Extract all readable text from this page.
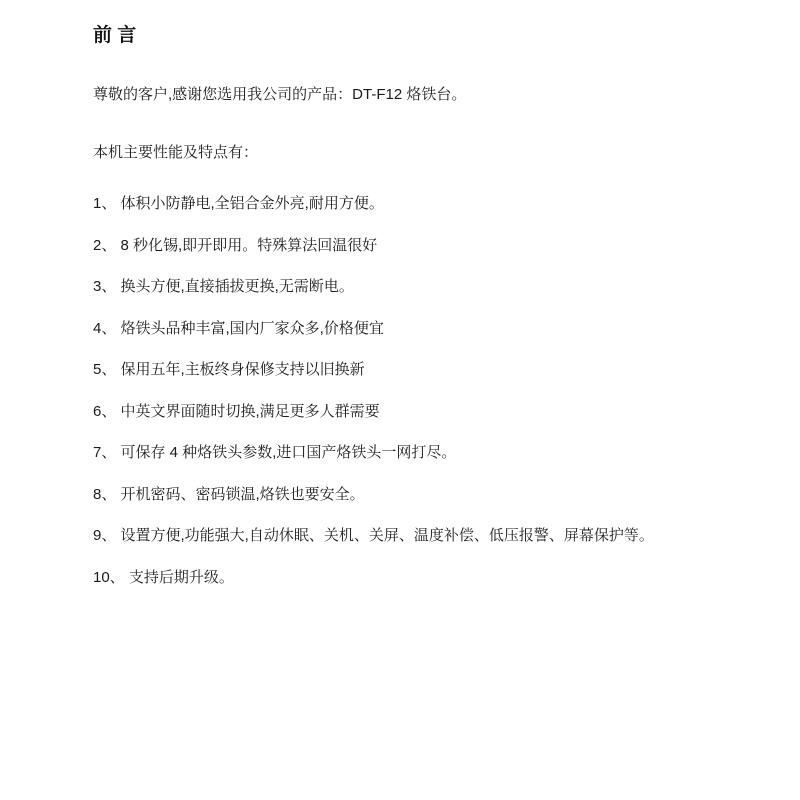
前 言

尊敬的客户,感谢您选用我公司的产品：DT-F12 烙铁台。

本机主要性能及特点有：

1、 体积小防静电,全铝合金外亮,耐用方便。
2、 8 秒化锡,即开即用。特殊算法回温很好
3、 换头方便,直接插拔更换,无需断电。
4、 烙铁头品种丰富,国内厂家众多,价格便宜
5、 保用五年,主板终身保修支持以旧换新
6、 中英文界面随时切换,满足更多人群需要
7、 可保存 4 种烙铁头参数,进口国产烙铁头一网打尽。
8、 开机密码、密码锁温,烙铁也要安全。
9、 设置方便,功能强大,自动休眠、关机、关屏、温度补偿、低压报警、屏幕保护等。
10、 支持后期升级。
